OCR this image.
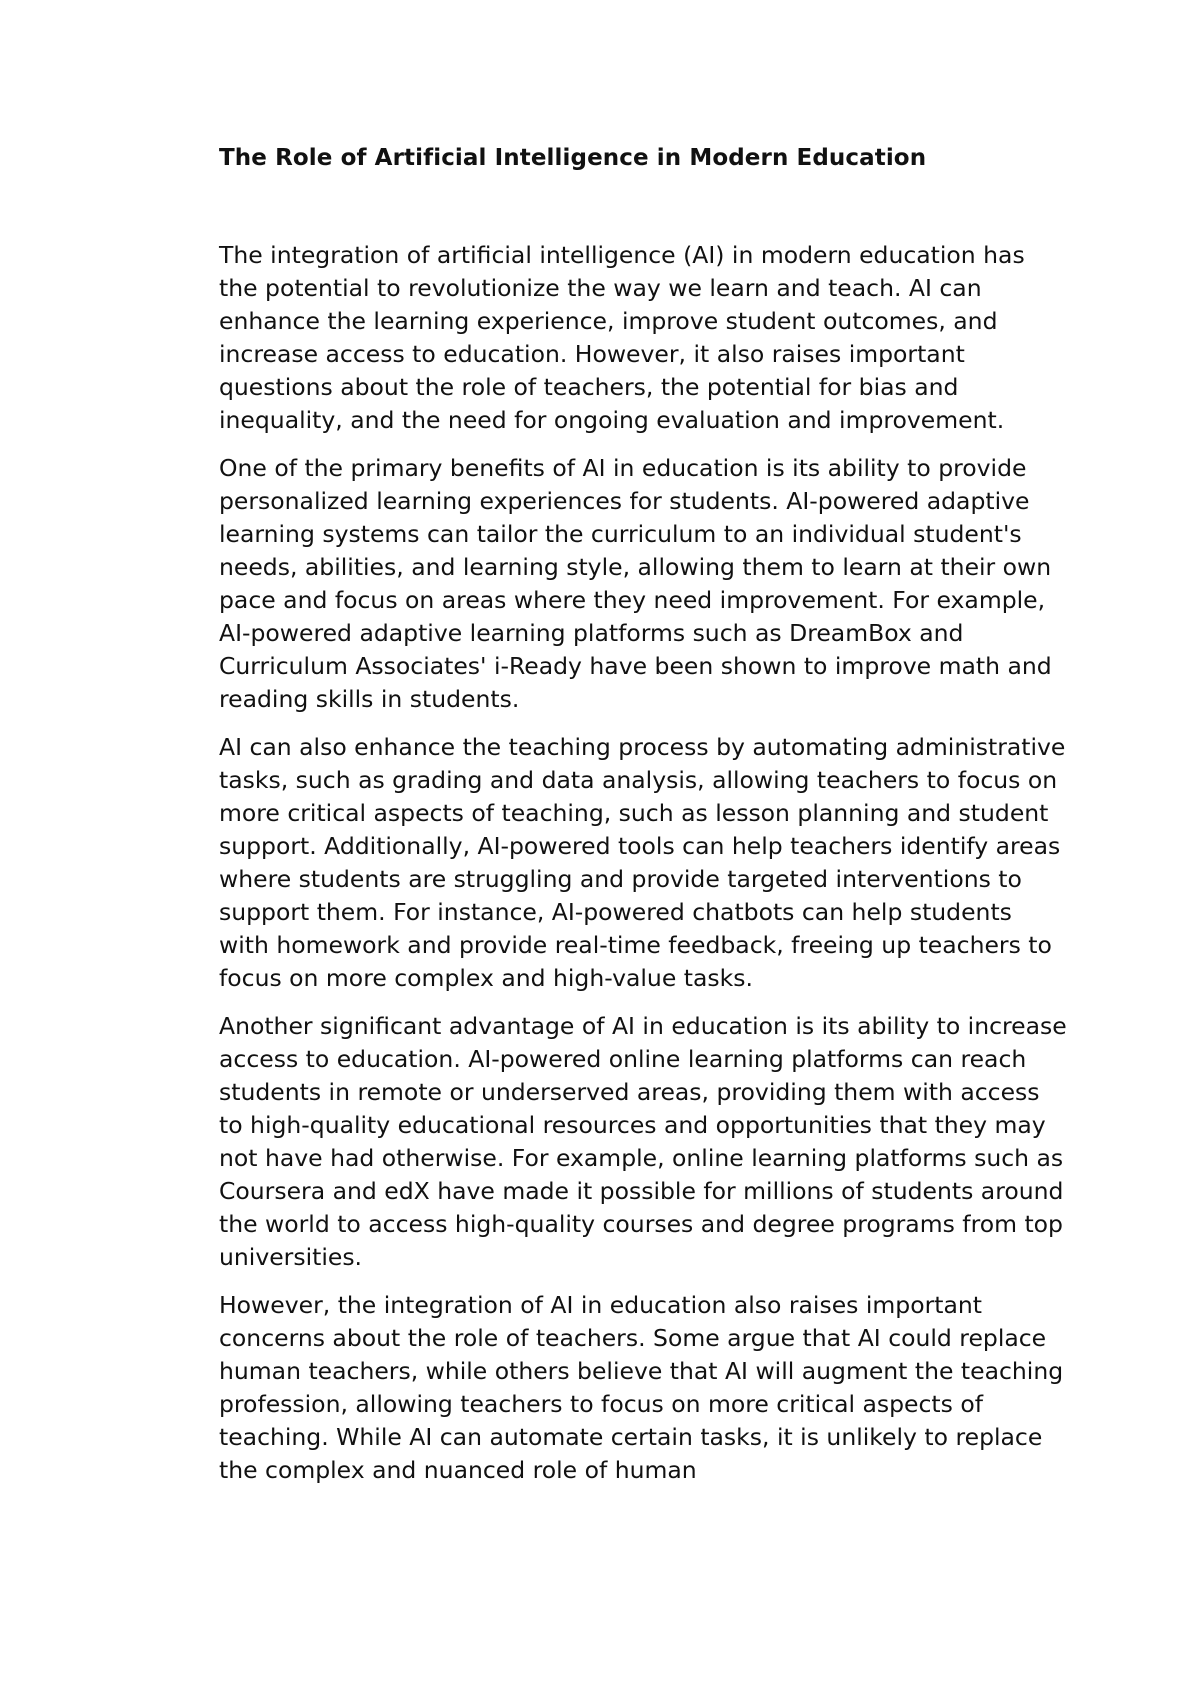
The Role of Artificial Intelligence in Modern Education

The integration of artificial intelligence (AI) in modern education has the potential to revolutionize the way we learn and teach. AI can enhance the learning experience, improve student outcomes, and increase access to education. However, it also raises important questions about the role of teachers, the potential for bias and inequality, and the need for ongoing evaluation and improvement.

One of the primary benefits of AI in education is its ability to provide personalized learning experiences for students. AI-powered adaptive learning systems can tailor the curriculum to an individual student's needs, abilities, and learning style, allowing them to learn at their own pace and focus on areas where they need improvement. For example, AI-powered adaptive learning platforms such as DreamBox and Curriculum Associates' i-Ready have been shown to improve math and reading skills in students.

AI can also enhance the teaching process by automating administrative tasks, such as grading and data analysis, allowing teachers to focus on more critical aspects of teaching, such as lesson planning and student support. Additionally, AI-powered tools can help teachers identify areas where students are struggling and provide targeted interventions to support them. For instance, AI-powered chatbots can help students with homework and provide real-time feedback, freeing up teachers to focus on more complex and high-value tasks.

Another significant advantage of AI in education is its ability to increase access to education. AI-powered online learning platforms can reach students in remote or underserved areas, providing them with access to high-quality educational resources and opportunities that they may not have had otherwise. For example, online learning platforms such as Coursera and edX have made it possible for millions of students around the world to access high-quality courses and degree programs from top universities.

However, the integration of AI in education also raises important concerns about the role of teachers. Some argue that AI could replace human teachers, while others believe that AI will augment the teaching profession, allowing teachers to focus on more critical aspects of teaching. While AI can automate certain tasks, it is unlikely to replace the complex and nuanced role of human
